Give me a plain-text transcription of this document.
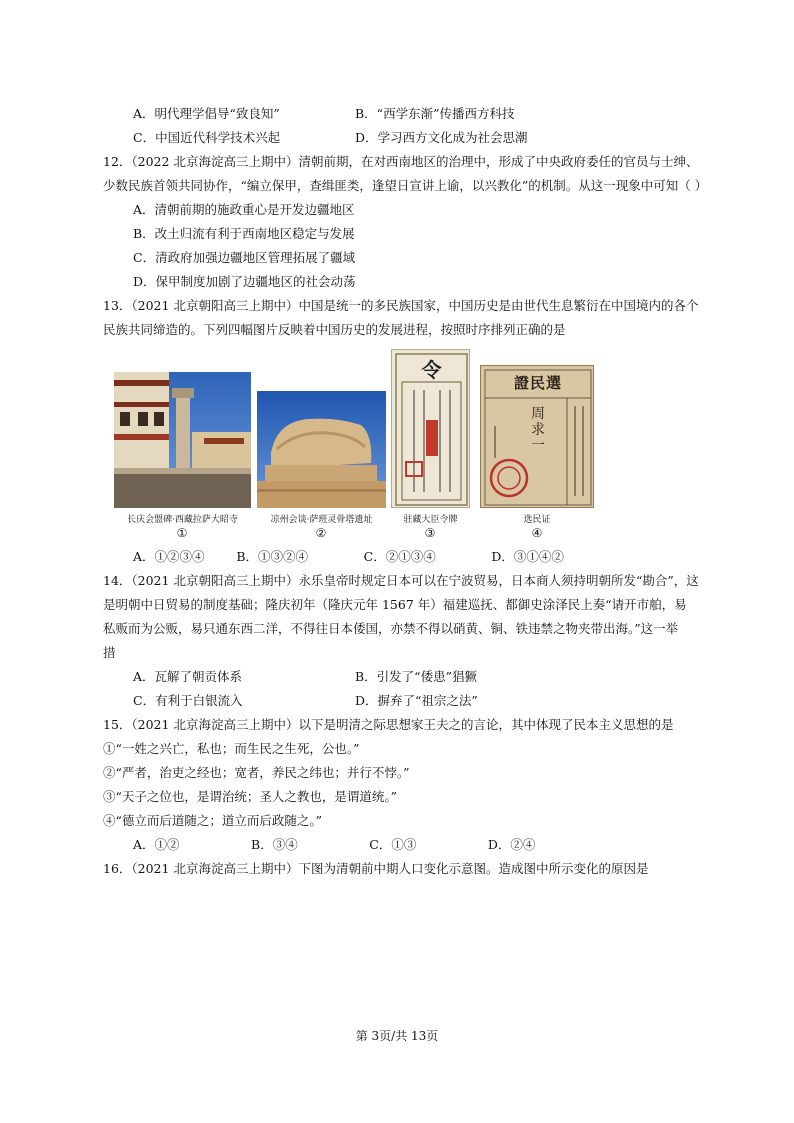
A．明代理学倡导“致良知”	B．“西学东渐”传播西方科技
C．中国近代科学技术兴起	D．学习西方文化成为社会思潮
12．（2022 北京海淀高三上期中）清朝前期，在对西南地区的治理中，形成了中央政府委任的官员与士绅、
少数民族首领共同协作，“编立保甲，查缉匪类，逢望日宣讲上谕，以兴教化”的机制。从这一现象中可知（ ）
A．清朝前期的施政重心是开发边疆地区
B．改土归流有利于西南地区稳定与发展
C．清政府加强边疆地区管理拓展了疆域
D．保甲制度加剧了边疆地区的社会动荡
13．（2021 北京朝阳高三上期中）中国是统一的多民族国家，中国历史是由世代生息繁衍在中国境内的各个
民族共同缔造的。下列四幅图片反映着中国历史的发展进程，按照时序排列正确的是
令
證民選
周求一
长庆会盟碑·西藏拉萨大昭寺	凉州会谈·萨班灵骨塔遗址	驻藏大臣令牌	选民证
①	②	③	④
A．①②③④        B．①③②④              C．②①③④              D．③①④②
14．（2021 北京朝阳高三上期中）永乐皇帝时规定日本可以在宁波贸易，日本商人须持明朝所发“勘合”，这
是明朝中日贸易的制度基础；隆庆初年（隆庆元年 1567 年）福建巡抚、都御史涂泽民上奏“请开市舶，易
私贩而为公贩，易只通东西二洋，不得往日本倭国，亦禁不得以硝黄、铜、铁违禁之物夹带出海。”这一举
措
A．瓦解了朝贡体系	B．引发了“倭患”猖獗
C．有利于白银流入	D．摒弃了“祖宗之法”
15．（2021 北京海淀高三上期中）以下是明清之际思想家王夫之的言论，其中体现了民本主义思想的是
①“一姓之兴亡，私也；而生民之生死，公也。”
②“严者，治吏之经也；宽者，养民之纬也；并行不悖。”
③“天子之位也，是谓治统；圣人之教也，是谓道统。”
④“德立而后道随之；道立而后政随之。”
A．①②                  B．③④                  C．①③                  D．②④
16．（2021 北京海淀高三上期中）下图为清朝前中期人口变化示意图。造成图中所示变化的原因是
第 3页/共 13页
